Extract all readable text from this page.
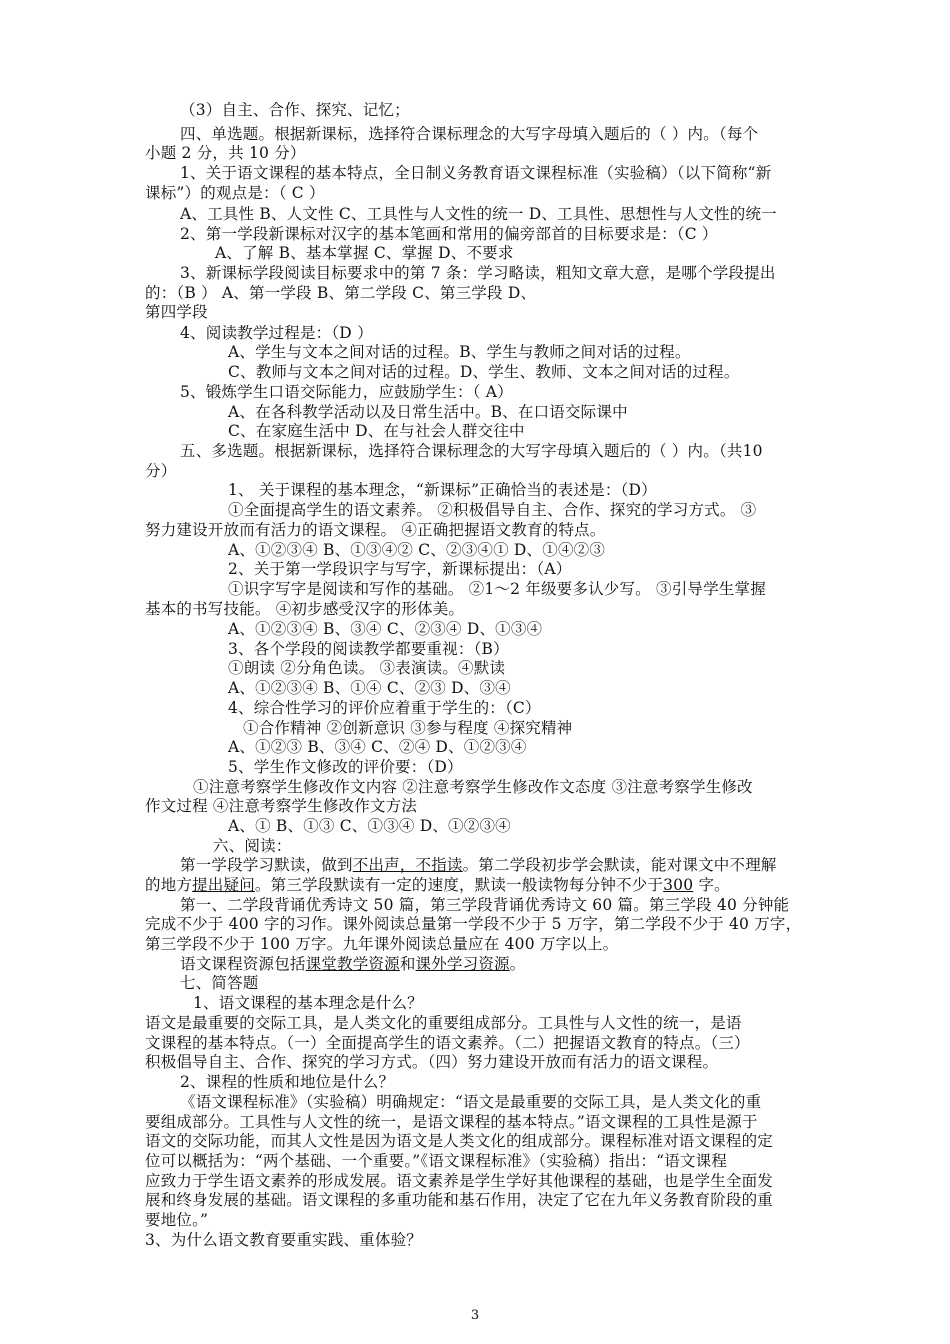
（3）自主、合作、探究、记忆；
四、单选题。根据新课标，选择符合课标理念的大写字母填入题后的（ ）内。（每个
小题 2 分，共 10 分）
1、关于语文课程的基本特点，全日制义务教育语文课程标准（实验稿）（以下简称“新
课标”）的观点是：（ C ）
A、工具性 B、人文性 C、工具性与人文性的统一 D、工具性、思想性与人文性的统一
2、第一学段新课标对汉字的基本笔画和常用的偏旁部首的目标要求是：（C ）
A、了解 B、基本掌握 C、掌握 D、不要求
3、新课标学段阅读目标要求中的第 7 条：学习略读，粗知文章大意，是哪个学段提出
的：（B ） A、第一学段 B、第二学段 C、第三学段 D、
第四学段
4、阅读教学过程是：（D ）
A、学生与文本之间对话的过程。B、学生与教师之间对话的过程。
C、教师与文本之间对话的过程。D、学生、教师、文本之间对话的过程。
5、锻炼学生口语交际能力，应鼓励学生：（ A）
A、在各科教学活动以及日常生活中。B、在口语交际课中
C、在家庭生活中 D、在与社会人群交往中
五、多选题。根据新课标，选择符合课标理念的大写字母填入题后的（ ）内。（共10
分）
1、 关于课程的基本理念，“新课标”正确恰当的表述是：（D）
①全面提高学生的语文素养。 ②积极倡导自主、合作、探究的学习方式。 ③
努力建设开放而有活力的语文课程。 ④正确把握语文教育的特点。
A、①②③④ B、①③④② C、②③④① D、①④②③
2、关于第一学段识字与写字，新课标提出：（A）
①识字写字是阅读和写作的基础。 ②1～2 年级要多认少写。 ③引导学生掌握
基本的书写技能。 ④初步感受汉字的形体美。
A、①②③④ B、③④ C、②③④ D、①③④
3、各个学段的阅读教学都要重视：（B）
①朗读 ②分角色读。 ③表演读。④默读
A、①②③④ B、①④ C、②③ D、③④
4、综合性学习的评价应着重于学生的：（C）
①合作精神 ②创新意识 ③参与程度 ④探究精神
A、①②③ B、③④ C、②④ D、①②③④
5、学生作文修改的评价要：（D）
①注意考察学生修改作文内容 ②注意考察学生修改作文态度 ③注意考察学生修改
作文过程 ④注意考察学生修改作文方法
A、① B、①③ C、①③④ D、①②③④
六、阅读：
第一学段学习默读，做到不出声，不指读。第二学段初步学会默读，能对课文中不理解
的地方提出疑问。第三学段默读有一定的速度，默读一般读物每分钟不少于300 字。
第一、二学段背诵优秀诗文 50 篇，第三学段背诵优秀诗文 60 篇。第三学段 40 分钟能
完成不少于 400 字的习作。课外阅读总量第一学段不少于 5 万字，第二学段不少于 40 万字，
第三学段不少于 100 万字。九年课外阅读总量应在 400 万字以上。
语文课程资源包括课堂教学资源和课外学习资源。
七、简答题
1、语文课程的基本理念是什么？
语文是最重要的交际工具，是人类文化的重要组成部分。工具性与人文性的统一，是语
文课程的基本特点。（一）全面提高学生的语文素养。（二）把握语文教育的特点。（三）
积极倡导自主、合作、探究的学习方式。（四）努力建设开放而有活力的语文课程。
2、课程的性质和地位是什么？
《语文课程标准》（实验稿）明确规定：“语文是最重要的交际工具，是人类文化的重
要组成部分。工具性与人文性的统一，是语文课程的基本特点。”语文课程的工具性是源于
语文的交际功能，而其人文性是因为语文是人类文化的组成部分。课程标准对语文课程的定
位可以概括为：“两个基础、一个重要。”《语文课程标准》（实验稿）指出：“语文课程
应致力于学生语文素养的形成发展。语文素养是学生学好其他课程的基础，也是学生全面发
展和终身发展的基础。语文课程的多重功能和基石作用，决定了它在九年义务教育阶段的重
要地位。”
3、为什么语文教育要重实践、重体验？
3
